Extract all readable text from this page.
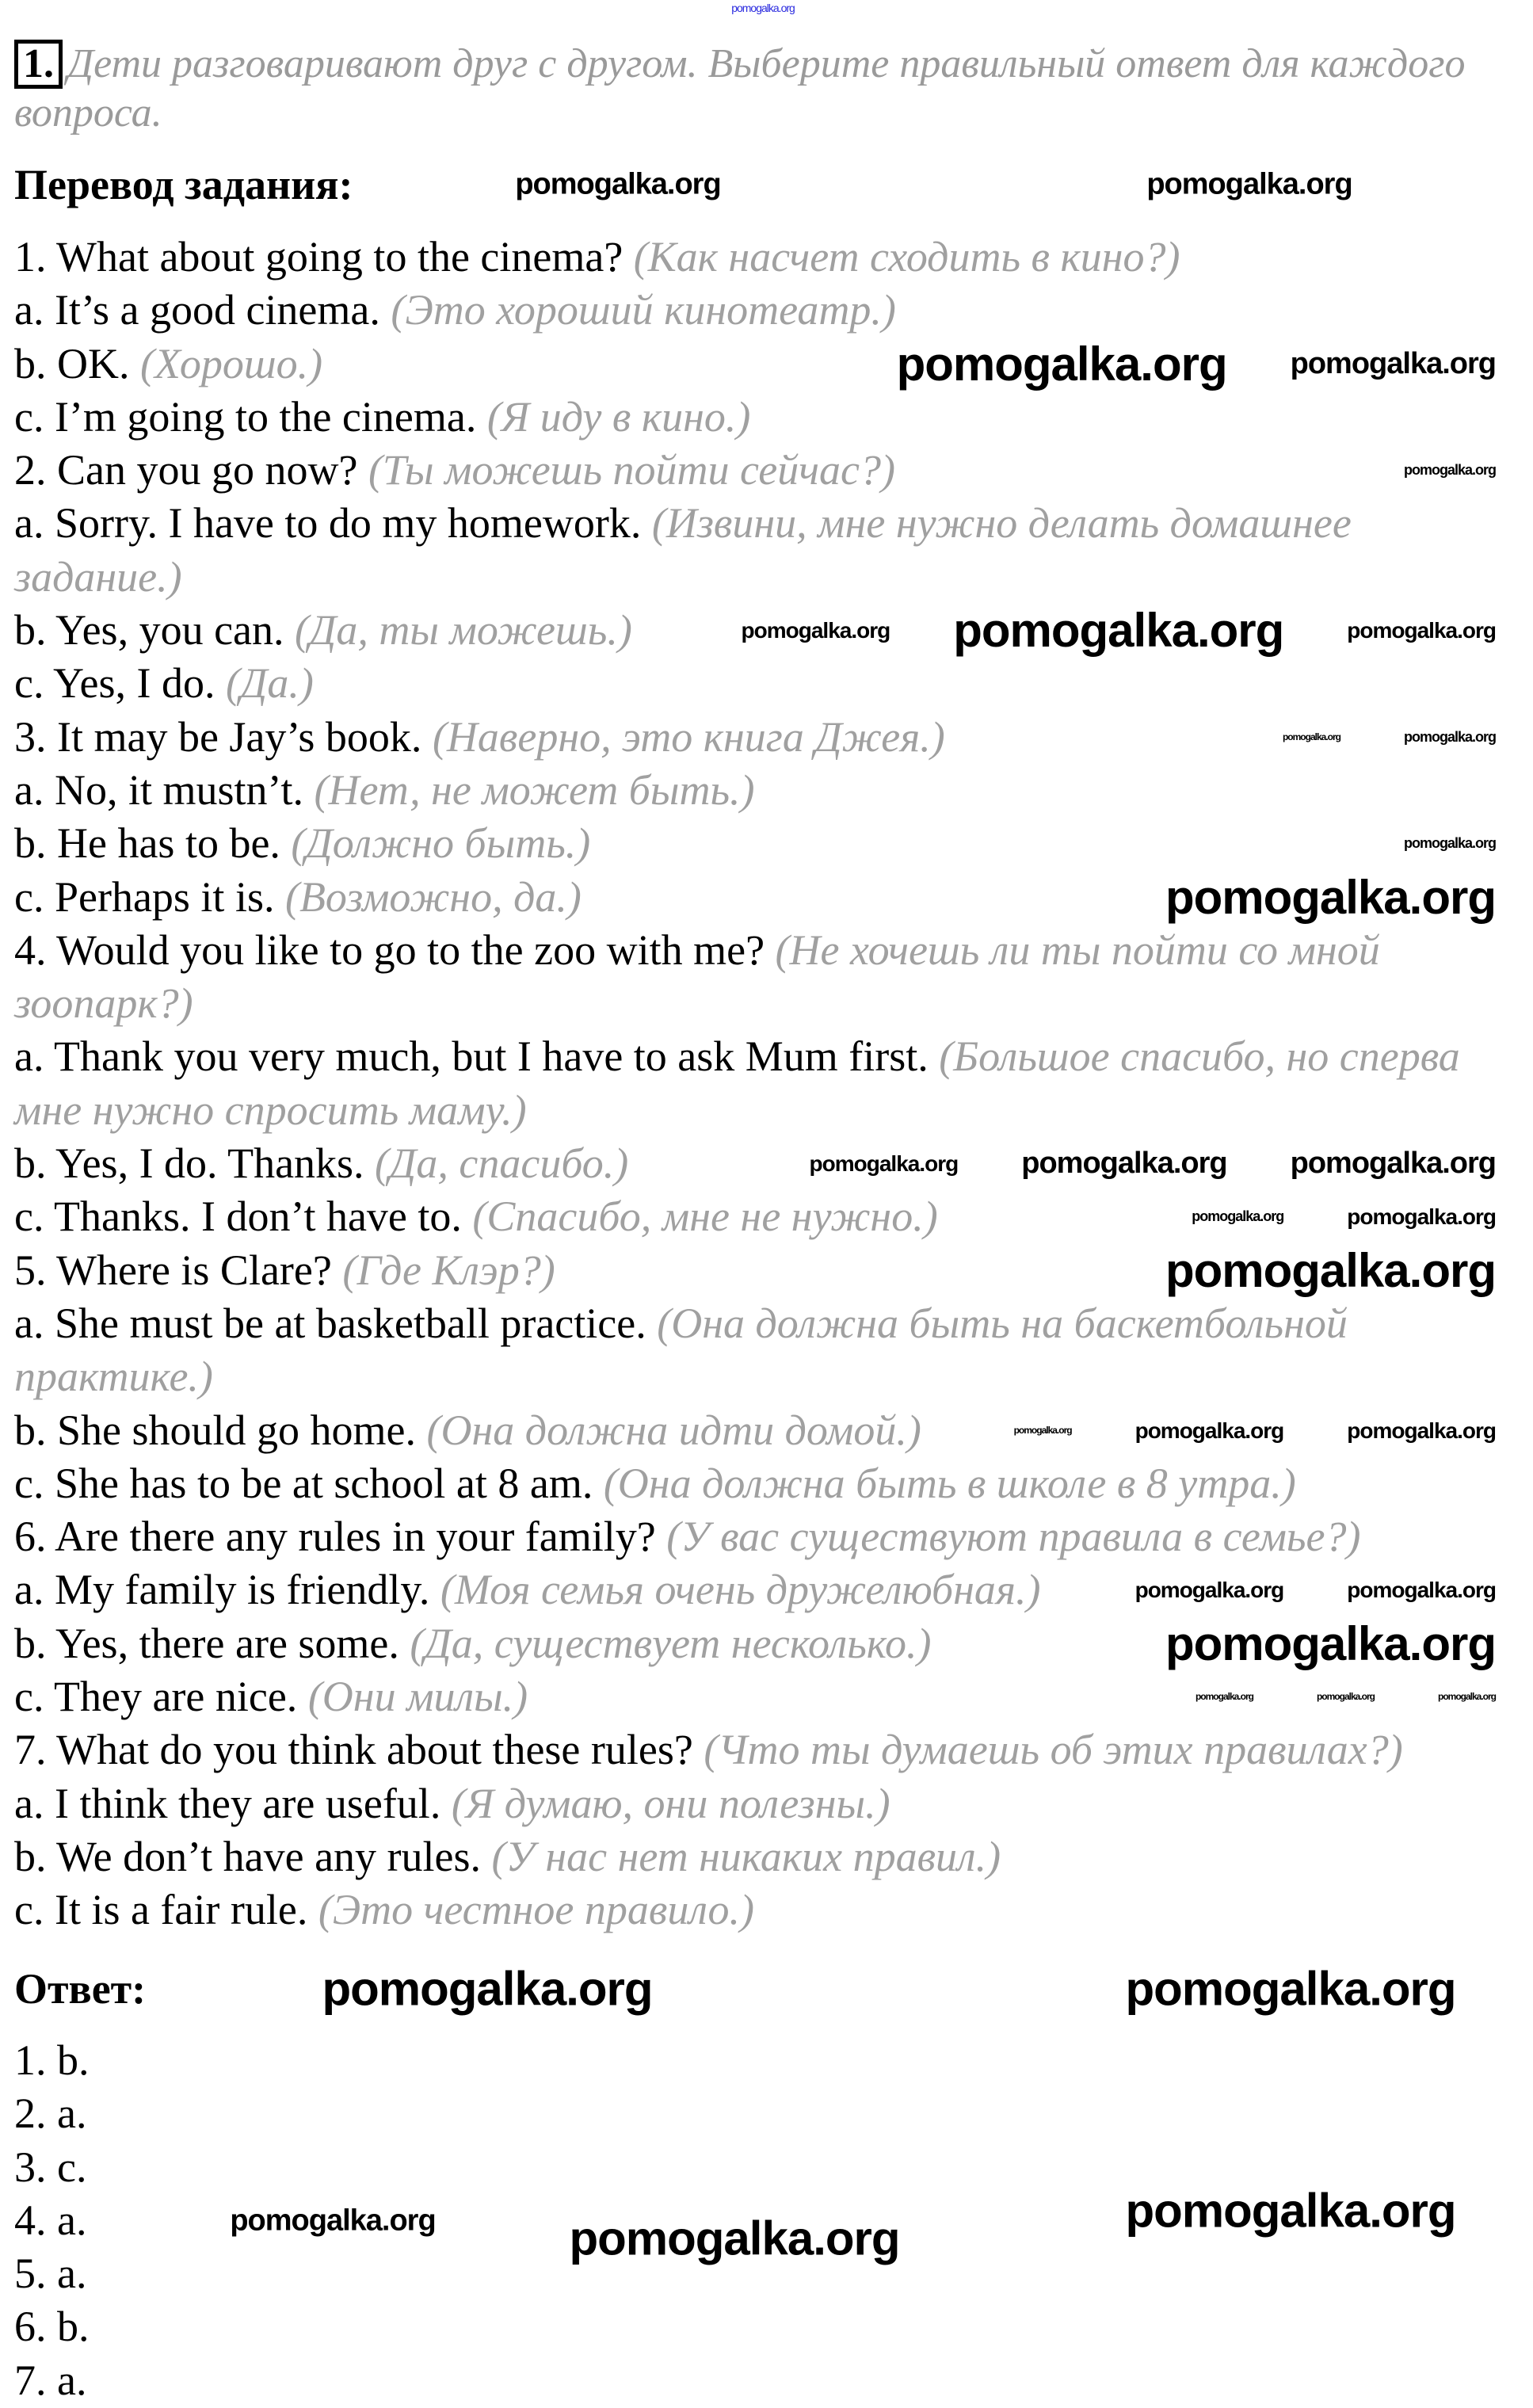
pomogalka.org
1. Дети разговаривают друг с другом. Выберите правильный ответ для каждого вопроса.
Перевод задания:	pomogalka.org
pomogalka.org
1. What about going to the cinema? (Как насчет сходить в кино?)
a. It’s a good cinema. (Это хороший кинотеатр.)
pomogalka.org
pomogalka.org
b. OK. (Хорошо.)
c. I’m going to the cinema. (Я иду в кино.)
pomogalka.org
2. Can you go now? (Ты можешь пойти сейчас?)
a. Sorry. I have to do my homework. (Извини, мне нужно делать домашнее задание.)
pomogalka.org
pomogalka.org
pomogalka.org
b. Yes, you can. (Да, ты можешь.)
c. Yes, I do. (Да.)
pomogalka.org
pomogalka.org
3. It may be Jay’s book. (Наверно, это книга Джея.)
a. No, it mustn’t. (Нет, не может быть.)
pomogalka.org
b. He has to be. (Должно быть.)
pomogalka.org
c. Perhaps it is. (Возможно, да.)
4. Would you like to go to the zoo with me? (Не хочешь ли ты пойти со мной зоопарк?)
a. Thank you very much, but I have to ask Mum first. (Большое спасибо, но сперва мне нужно спросить маму.)
pomogalka.org
pomogalka.org
pomogalka.org
b. Yes, I do. Thanks. (Да, спасибо.)
pomogalka.org
pomogalka.org
c. Thanks. I don’t have to. (Спасибо, мне не нужно.)
pomogalka.org
5. Where is Clare? (Где Клэр?)
a. She must be at basketball practice. (Она должна быть на баскетбольной практике.)
pomogalka.org
pomogalka.org
pomogalka.org
b. She should go home. (Она должна идти домой.)
c. She has to be at school at 8 am. (Она должна быть в школе в 8 утра.)
6. Are there any rules in your family? (У вас существуют правила в семье?)
pomogalka.org
pomogalka.org
a. My family is friendly. (Моя семья очень дружелюбная.)
pomogalka.org
b. Yes, there are some. (Да, существует несколько.)
pomogalka.org
pomogalka.org
pomogalka.org
c. They are nice. (Они милы.)
7. What do you think about these rules? (Что ты думаешь об этих правилах?)
a. I think they are useful. (Я думаю, они полезны.)
b. We don’t have any rules. (У нас нет никаких правил.)
c. It is a fair rule. (Это честное правило.)
Ответ:	pomogalka.org	pomogalka.org
1. b.
2. a.
3. c.
4. a.
5. a.
6. b.
7. a.
pomogalka.org	pomogalka.org
pomogalka.org
